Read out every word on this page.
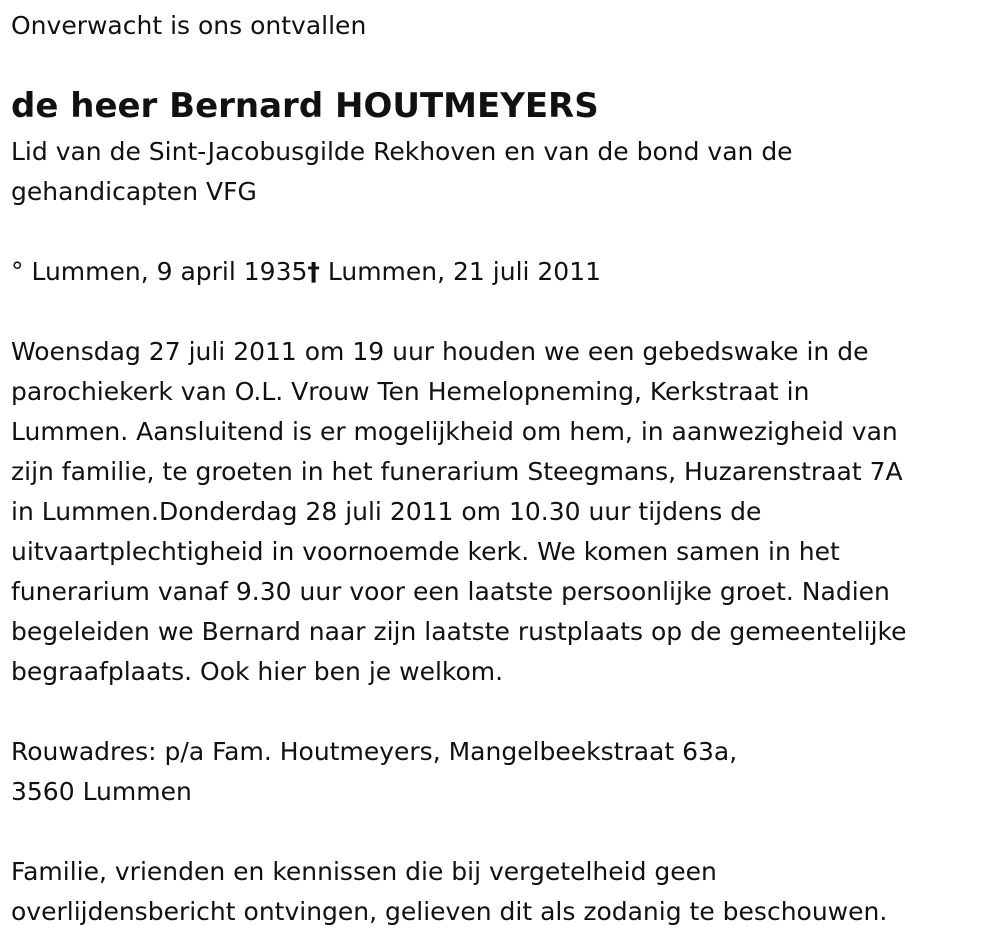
Onverwacht is ons ontvallen

de heer Bernard HOUTMEYERS

Lid van de Sint-Jacobusgilde Rekhoven en van de bond van de

gehandicapten VFG

° Lummen, 9 april 1935† Lummen, 21 juli 2011

Woensdag 27 juli 2011 om 19 uur houden we een gebedswake in de

parochiekerk van O.L. Vrouw Ten Hemelopneming, Kerkstraat in

Lummen. Aansluitend is er mogelijkheid om hem, in aanwezigheid van

zijn familie, te groeten in het funerarium Steegmans, Huzarenstraat 7A

in Lummen.Donderdag 28 juli 2011 om 10.30 uur tijdens de

uitvaartplechtigheid in voornoemde kerk. We komen samen in het

funerarium vanaf 9.30 uur voor een laatste persoonlijke groet. Nadien

begeleiden we Bernard naar zijn laatste rustplaats op de gemeentelijke

begraafplaats. Ook hier ben je welkom.

Rouwadres: p/a Fam. Houtmeyers, Mangelbeekstraat 63a,

3560 Lummen

Familie, vrienden en kennissen die bij vergetelheid geen

overlijdensbericht ontvingen, gelieven dit als zodanig te beschouwen.
